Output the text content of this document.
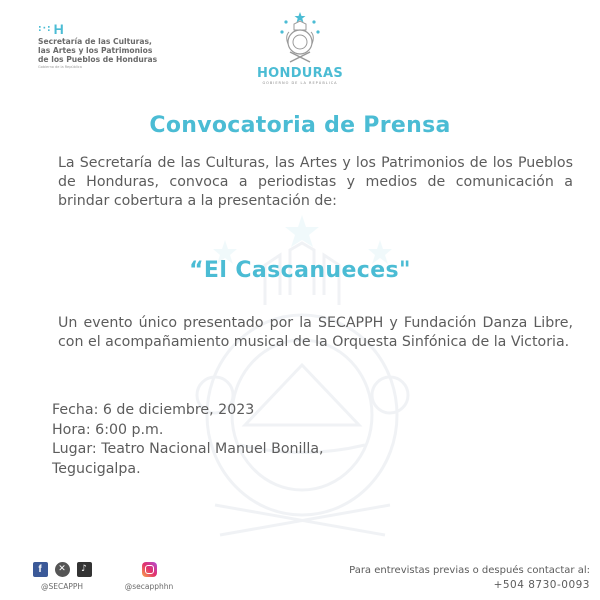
:·: H
Secretaría de las Culturas,
las Artes y los Patrimonios
de los Pueblos de Honduras
Gobierno de la República	HONDURAS
GOBIERNO DE LA REPÚBLICA
Convocatoria de Prensa

La Secretaría de las Culturas, las Artes y los Patrimonios de los Pueblos de Honduras, convoca a periodistas y medios de comunicación a brindar cobertura a la presentación de:

“El Cascanueces"

Un evento único presentado por la SECAPPH y Fundación Danza Libre, con el acompañamiento musical de la Orquesta Sinfónica de la Victoria.

Fecha: 6 de diciembre, 2023
Hora: 6:00 p.m.
Lugar: Teatro Nacional Manuel Bonilla,
Tegucigalpa.
f	✕	♪
@SECAPPH	@secapphhn
Para entrevistas previas o después contactar al:
+504 8730-0093
